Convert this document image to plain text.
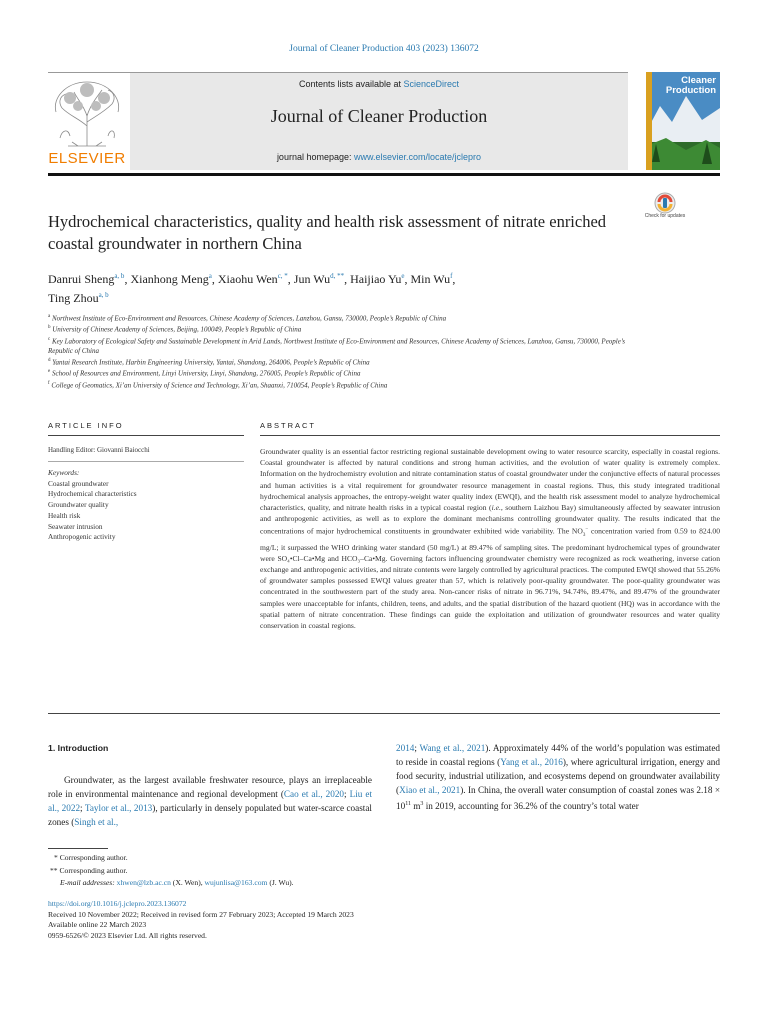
Journal of Cleaner Production 403 (2023) 136072
ELSEVIER
Contents lists available at ScienceDirect
Journal of Cleaner Production
journal homepage: www.elsevier.com/locate/jclepro
Cleaner
Production
Check for updates
Hydrochemical characteristics, quality and health risk assessment of nitrate enriched coastal groundwater in northern China
Danrui Sheng$^{a, b}$, Xianhong Meng$^a$, Xiaohu Wen$^{c, *}$, Jun $Wu^{d, **}$, Haijiao Yu$^e$, Min Wu$^f$,
Ting Zhou$^{a, b}$
$^a$ Northwest Institute of Eco-Environment and Resources, Chinese Academy of Sciences, Lanzhou, Gansu, 730000, People’s Republic of China
$^b$ University of Chinese Academy of Sciences, Beijing, 100049, People’s Republic of China
$^c$ Key Laboratory of Ecological Safety and Sustainable Development in Arid Lands, Northwest Institute of Eco-Environment and Resources, Chinese Academy of Sciences, Lanzhou, Gansu, 730000, People’s Republic of China
$^d$ Yantai Research Institute, Harbin Engineering University, Yantai, Shandong, 264006, People’s Republic of China
$^e$ School of Resources and Environment, Linyi University, Linyi, Shandong, 276005, People’s Republic of China
$^f$ College of Geomatics, Xi’an University of Science and Technology, Xi’an, Shaanxi, 710054, People’s Republic of China
ARTICLE INFO	ABSTRACT
Handling Editor: Giovanni Baiocchi
Keywords:
Coastal groundwater
Hydrochemical characteristics
Groundwater quality
Health risk
Seawater intrusion
Anthropogenic activity
Groundwater quality is an essential factor restricting regional sustainable development owing to water resource scarcity, especially in coastal regions. Coastal groundwater is affected by natural conditions and strong human activities, and the evolution of water quality is extremely complex. Information on the hydrochemistry evolution and nitrate contamination status of coastal groundwater under the conjunctive effects of natural processes and human activities is a vital requirement for groundwater resource management in coastal regions. Thus, this study integrated traditional hydrochemical analysis approaches, the entropy-weight water quality index (EWQI), and the health risk assessment model to analyze hydrochemical characteristics, quality, and nitrate health risks in a typical coastal region (i.e., southern Laizhou Bay) simultaneously affected by seawater intrusion and anthropogenic activities, as well as to explore the dominant mechanisms controlling groundwater quality. The results indicated that the concentrations of major hydrochemical constituents in groundwater exhibited wide variability. The $NO_3^-$ concentration varied from 0.59 to 824.00 mg/L; it surpassed the WHO drinking water standard (50 mg/L) at 89.47% of sampling sites. The predominant hydrochemical types of groundwater were SO₄•Cl–Ca•Mg and HCO₃–Ca•Mg. Governing factors influencing groundwater chemistry were recognized as rock weathering, inverse cation exchange and anthropogenic activities, and nitrate contents were largely controlled by agricultural practices. The computed EWQI showed that 55.26% of groundwater samples possessed EWQI values greater than 57, which is relatively poor-quality groundwater. The poor-quality groundwater was concentrated in the southwestern part of the study area. Non-cancer risks of nitrate in 96.71%, 94.74%, 89.47%, and 89.47% of the groundwater samples were unacceptable for infants, children, teens, and adults, and the spatial distribution of the hazard quotient (HQ) was in accordance with the spatial pattern of nitrate concentration. These findings can guide the exploitation and utilization of groundwater resources and water quality conservation in coastal regions.
1. Introduction
Groundwater, as the largest available freshwater resource, plays an irreplaceable role in environmental maintenance and regional development (Cao et al., 2020; Liu et al., 2022; Taylor et al., 2013), particularly in densely populated but water-scarce coastal zones (Singh et al.,
2014; Wang et al., 2021). Approximately 44% of the world’s population was estimated to reside in coastal regions (Yang et al., 2016), where agricultural irrigation, energy and food security, industrial utilization, and ecosystems depend on groundwater availability (Xiao et al., 2021). In China, the overall water consumption of coastal zones was $2.18 \times 10^{11}$ $m^3$ in 2019, accounting for 36.2% of the country’s total water
* Corresponding author.
** Corresponding author.
E-mail addresses: xhwen@lzb.ac.cn (X. Wen), wujunlisa@163.com (J. Wu).
https://doi.org/10.1016/j.jclepro.2023.136072
Received 10 November 2022; Received in revised form 27 February 2023; Accepted 19 March 2023
Available online 22 March 2023
0959-6526/© 2023 Elsevier Ltd. All rights reserved.
